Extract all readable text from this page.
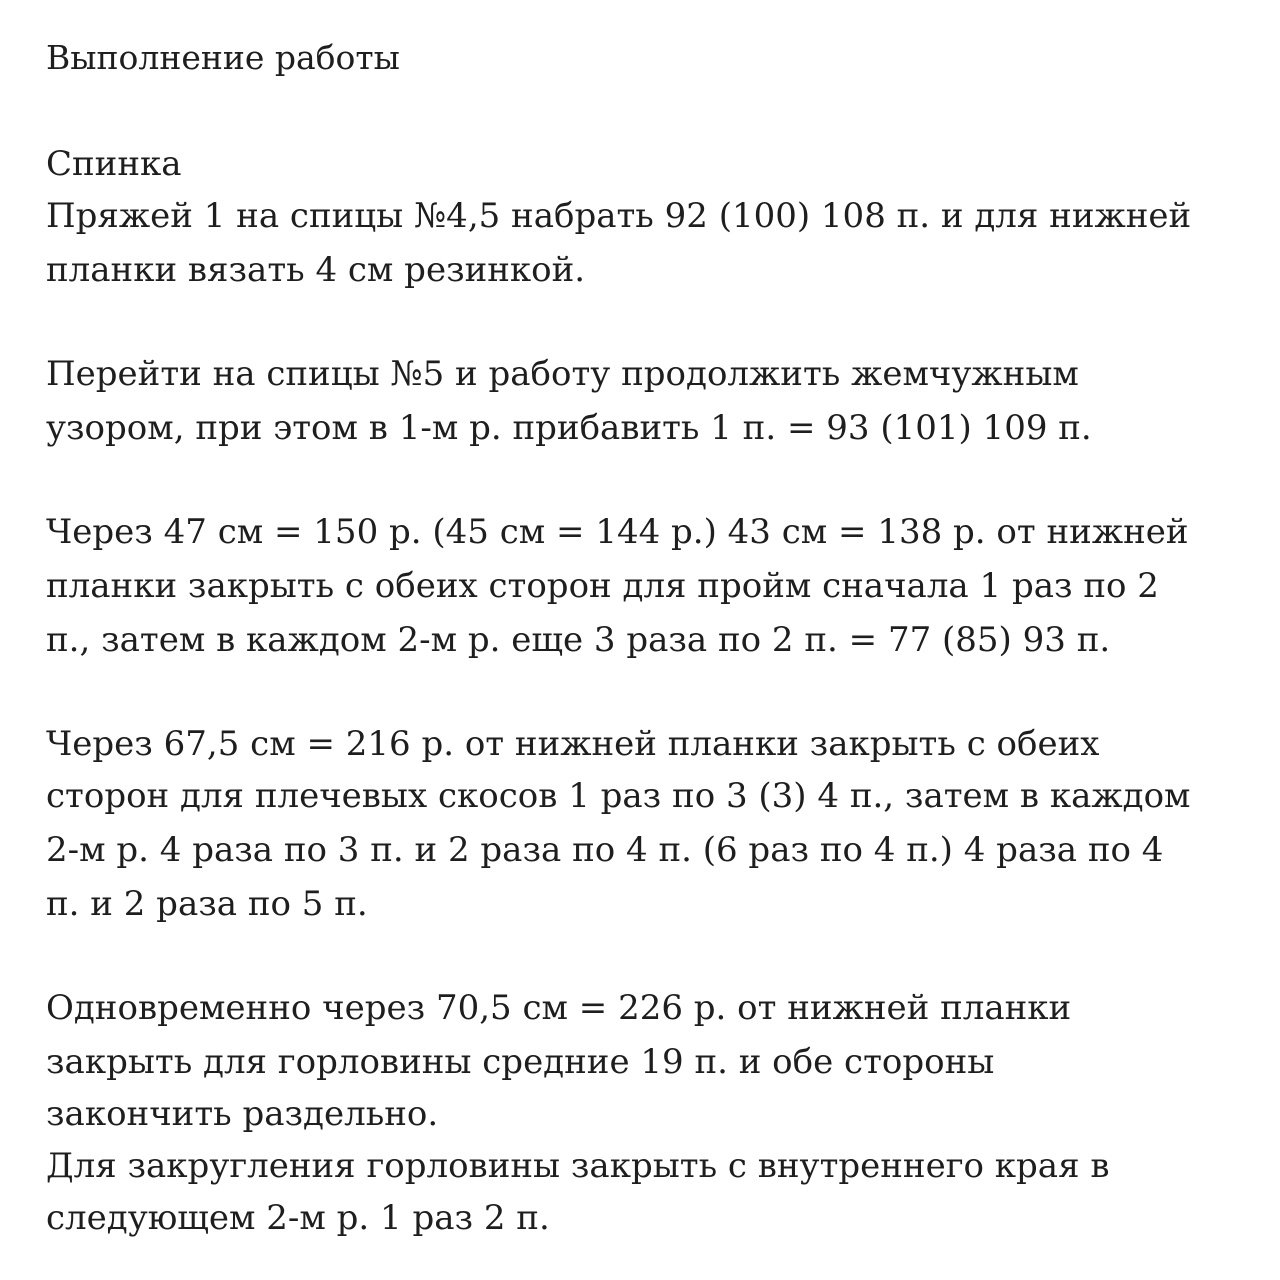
Выполнение работы

Спинка

Пряжей 1 на спицы №4,5 набрать 92 (100) 108 п. и для нижней

планки вязать 4 см резинкой.

Перейти на спицы №5 и работу продолжить жемчужным

узором, при этом в 1-м р. прибавить 1 п. = 93 (101) 109 п.

Через 47 см = 150 р. (45 см = 144 р.) 43 см = 138 р. от нижней

планки закрыть с обеих сторон для пройм сначала 1 раз по 2

п., затем в каждом 2-м р. еще 3 раза по 2 п. = 77 (85) 93 п.

Через 67,5 см = 216 р. от нижней планки закрыть с обеих

сторон для плечевых скосов 1 раз по 3 (3) 4 п., затем в каждом

2-м р. 4 раза по 3 п. и 2 раза по 4 п. (6 раз по 4 п.) 4 раза по 4

п. и 2 раза по 5 п.

Одновременно через 70,5 см = 226 р. от нижней планки

закрыть для горловины средние 19 п. и обе стороны

закончить раздельно.

Для закругления горловины закрыть с внутреннего края в

следующем 2-м р. 1 раз 2 п.
